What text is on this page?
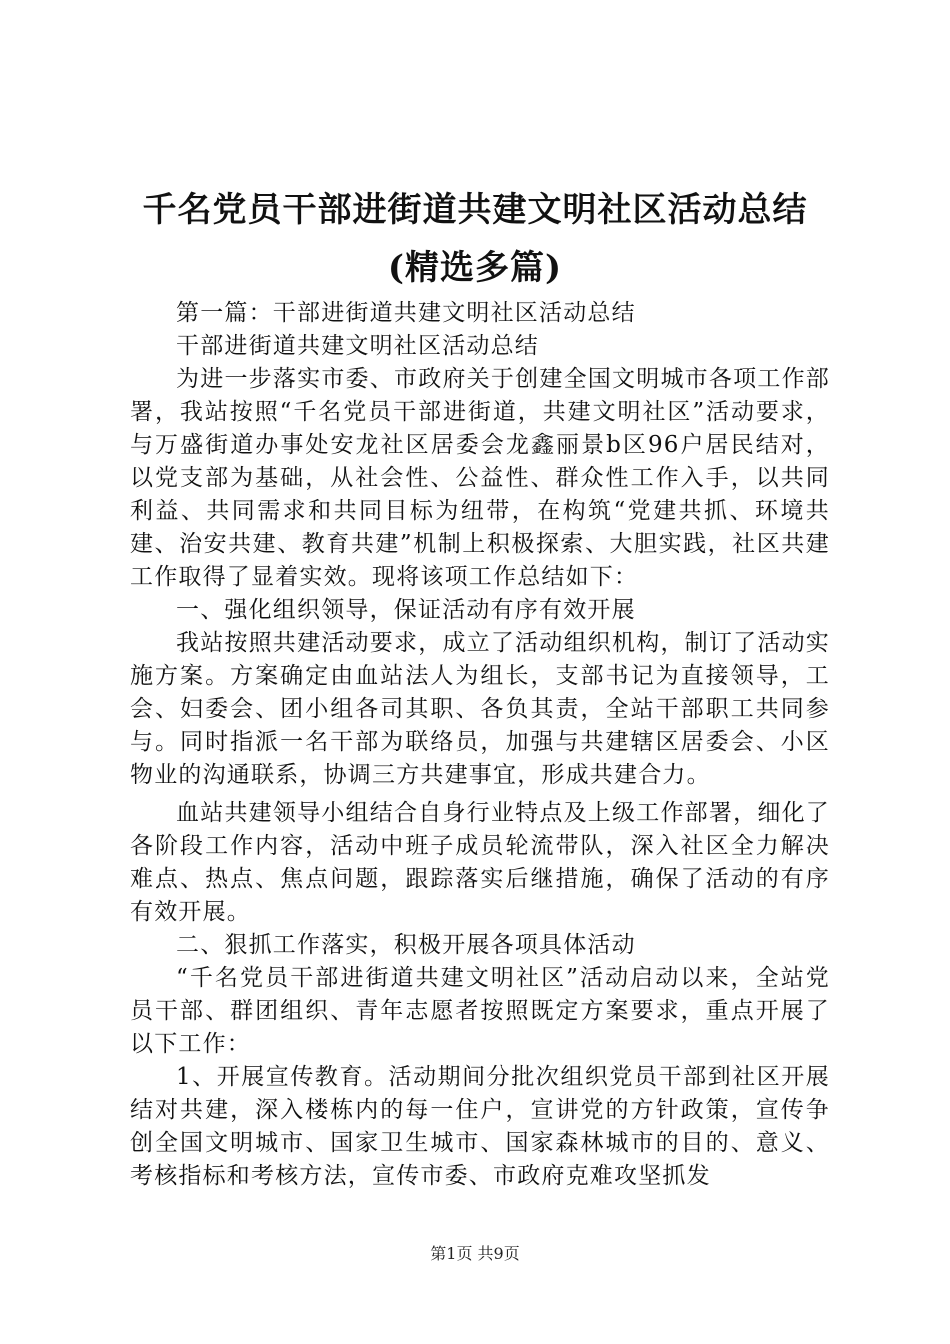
千名党员干部进街道共建文明社区活动总结
(精选多篇)

第一篇：干部进街道共建文明社区活动总结

干部进街道共建文明社区活动总结

为进一步落实市委、市政府关于创建全国文明城市各项工作部署，我站按照“千名党员干部进街道，共建文明社区”活动要求，与万盛街道办事处安龙社区居委会龙鑫丽景b区96户居民结对，以党支部为基础，从社会性、公益性、群众性工作入手，以共同利益、共同需求和共同目标为纽带，在构筑“党建共抓、环境共建、治安共建、教育共建”机制上积极探索、大胆实践，社区共建工作取得了显着实效。现将该项工作总结如下：

一、强化组织领导，保证活动有序有效开展

我站按照共建活动要求，成立了活动组织机构，制订了活动实施方案。方案确定由血站法人为组长，支部书记为直接领导，工会、妇委会、团小组各司其职、各负其责，全站干部职工共同参与。同时指派一名干部为联络员，加强与共建辖区居委会、小区物业的沟通联系，协调三方共建事宜，形成共建合力。

血站共建领导小组结合自身行业特点及上级工作部署，细化了各阶段工作内容，活动中班子成员轮流带队，深入社区全力解决难点、热点、焦点问题，跟踪落实后继措施，确保了活动的有序有效开展。

二、狠抓工作落实，积极开展各项具体活动

“千名党员干部进街道共建文明社区”活动启动以来，全站党员干部、群团组织、青年志愿者按照既定方案要求，重点开展了以下工作：

1、开展宣传教育。活动期间分批次组织党员干部到社区开展结对共建，深入楼栋内的每一住户，宣讲党的方针政策，宣传争创全国文明城市、国家卫生城市、国家森林城市的目的、意义、考核指标和考核方法，宣传市委、市政府克难攻坚抓发

第1页 共9页
